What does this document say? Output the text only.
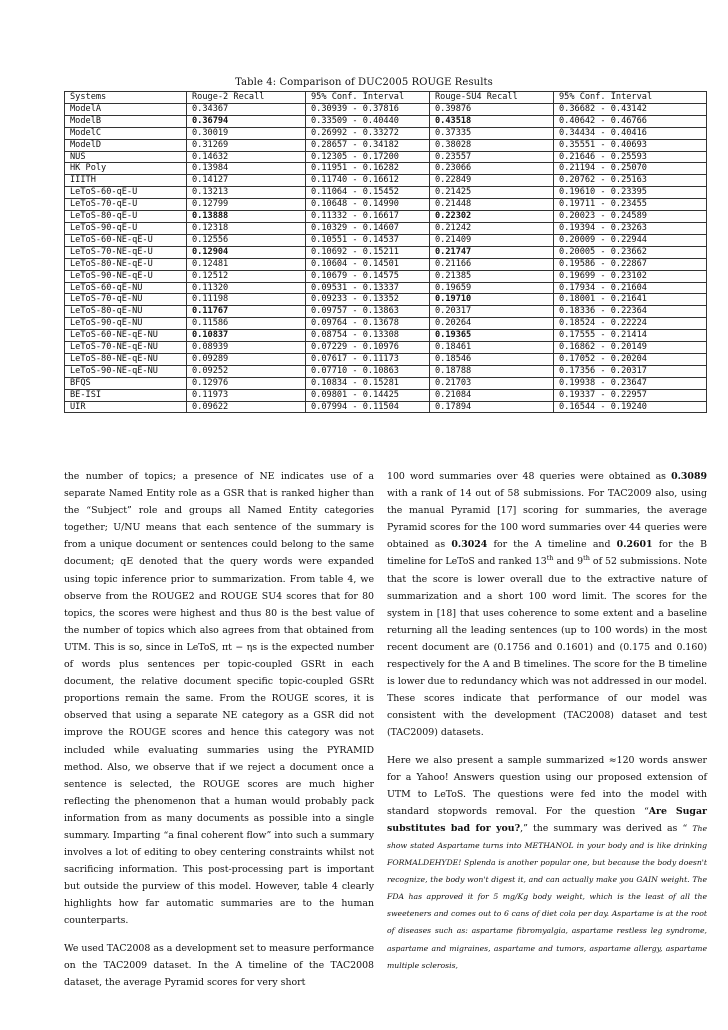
Table 4: Comparison of DUC2005 ROUGE Results
Systems	Rouge-2 Recall	95% Conf. Interval	Rouge-SU4 Recall	95% Conf. Interval
ModelA	0.34367	0.30939 - 0.37816	0.39876	0.36682 - 0.43142
ModelB	0.36794	0.33509 - 0.40440	0.43518	0.40642 - 0.46766
ModelC	0.30019	0.26992 - 0.33272	0.37335	0.34434 - 0.40416
ModelD	0.31269	0.28657 - 0.34182	0.38028	0.35551 - 0.40693
NUS	0.14632	0.12305 - 0.17200	0.23557	0.21646 - 0.25593
HK Poly	0.13984	0.11951 - 0.16282	0.23066	0.21194 - 0.25070
IIITH	0.14127	0.11740 - 0.16612	0.22849	0.20762 - 0.25163
LeToS-60-qE-U	0.13213	0.11064 - 0.15452	0.21425	0.19610 - 0.23395
LeToS-70-qE-U	0.12799	0.10648 - 0.14990	0.21448	0.19711 - 0.23455
LeToS-80-qE-U	0.13888	0.11332 - 0.16617	0.22302	0.20023 - 0.24589
LeToS-90-qE-U	0.12318	0.10329 - 0.14607	0.21242	0.19394 - 0.23263
LeToS-60-NE-qE-U	0.12556	0.10551 - 0.14537	0.21409	0.20009 - 0.22944
LeToS-70-NE-qE-U	0.12904	0.10692 - 0.15211	0.21747	0.20005 - 0.23662
LeToS-80-NE-qE-U	0.12481	0.10604 - 0.14501	0.21166	0.19586 - 0.22867
LeToS-90-NE-qE-U	0.12512	0.10679 - 0.14575	0.21385	0.19699 - 0.23102
LeToS-60-qE-NU	0.11320	0.09531 - 0.13337	0.19659	0.17934 - 0.21604
LeToS-70-qE-NU	0.11198	0.09233 - 0.13352	0.19710	0.18001 - 0.21641
LeToS-80-qE-NU	0.11767	0.09757 - 0.13863	0.20317	0.18336 - 0.22364
LeToS-90-qE-NU	0.11586	0.09764 - 0.13678	0.20264	0.18524 - 0.22224
LeToS-60-NE-qE-NU	0.10837	0.08754 - 0.13308	0.19365	0.17555 - 0.21414
LeToS-70-NE-qE-NU	0.08939	0.07229 - 0.10976	0.18461	0.16862 - 0.20149
LeToS-80-NE-qE-NU	0.09289	0.07617 - 0.11173	0.18546	0.17052 - 0.20204
LeToS-90-NE-qE-NU	0.09252	0.07710 - 0.10863	0.18788	0.17356 - 0.20317
BFQS	0.12976	0.10834 - 0.15281	0.21703	0.19938 - 0.23647
BE-ISI	0.11973	0.09801 - 0.14425	0.21084	0.19337 - 0.22957
UIR	0.09622	0.07994 - 0.11504	0.17894	0.16544 - 0.19240

the number of topics; a presence of NE indicates use of a separate Named Entity role as a GSR that is ranked higher than the “Subject” role and groups all Named Entity categories together; U/NU means that each sentence of the summary is from a unique document or sentences could belong to the same document; qE denoted that the query words were expanded using topic inference prior to summarization. From table 4, we observe from the ROUGE2 and ROUGE SU4 scores that for 80 topics, the scores were highest and thus 80 is the best value of the number of topics which also agrees from that obtained from UTM. This is so, since in LeToS, πt − ηs is the expected number of words plus sentences per topic-coupled GSRt in each document, the relative document specific topic-coupled GSRt proportions remain the same. From the ROUGE scores, it is observed that using a separate NE category as a GSR did not improve the ROUGE scores and hence this category was not included while evaluating summaries using the PYRAMID method. Also, we observe that if we reject a document once a sentence is selected, the ROUGE scores are much higher reflecting the phenomenon that a human would probably pack information from as many documents as possible into a single summary. Imparting “a final coherent flow” into such a summary involves a lot of editing to obey centering constraints whilst not sacrificing information. This post-processing part is important but outside the purview of this model. However, table 4 clearly highlights how far automatic summaries are to the human counterparts.

We used TAC2008 as a development set to measure performance on the TAC2009 dataset. In the A timeline of the TAC2008 dataset, the average Pyramid scores for very short

100 word summaries over 48 queries were obtained as 0.3089 with a rank of 14 out of 58 submissions. For TAC2009 also, using the manual Pyramid [17] scoring for summaries, the average Pyramid scores for the 100 word summaries over 44 queries were obtained as 0.3024 for the A timeline and 0.2601 for the B timeline for LeToS and ranked 13th and 9th of 52 submissions. Note that the score is lower overall due to the extractive nature of summarization and a short 100 word limit. The scores for the system in [18] that uses coherence to some extent and a baseline returning all the leading sentences (up to 100 words) in the most recent document are (0.1756 and 0.1601) and (0.175 and 0.160) respectively for the A and B timelines. The score for the B timeline is lower due to redundancy which was not addressed in our model. These scores indicate that performance of our model was consistent with the development (TAC2008) dataset and test (TAC2009) datasets.

Here we also present a sample summarized ≈120 words answer for a Yahoo! Answers question using our proposed extension of UTM to LeToS. The questions were fed into the model with standard stopwords removal. For the question “Are Sugar substitutes bad for you?,” the summary was derived as “ The show stated Aspartame turns into METHANOL in your body and is like drinking FORMALDEHYDE! Splenda is another popular one, but because the body doesn't recognize, the body won't digest it, and can actually make you GAIN weight. The FDA has approved it for 5 mg/Kg body weight, which is the least of all the sweeteners and comes out to 6 cans of diet cola per day. Aspartame is at the root of diseases such as: aspartame fibromyalgia, aspartame restless leg syndrome, aspartame and migraines, aspartame and tumors, aspartame allergy, aspartame multiple sclerosis,
